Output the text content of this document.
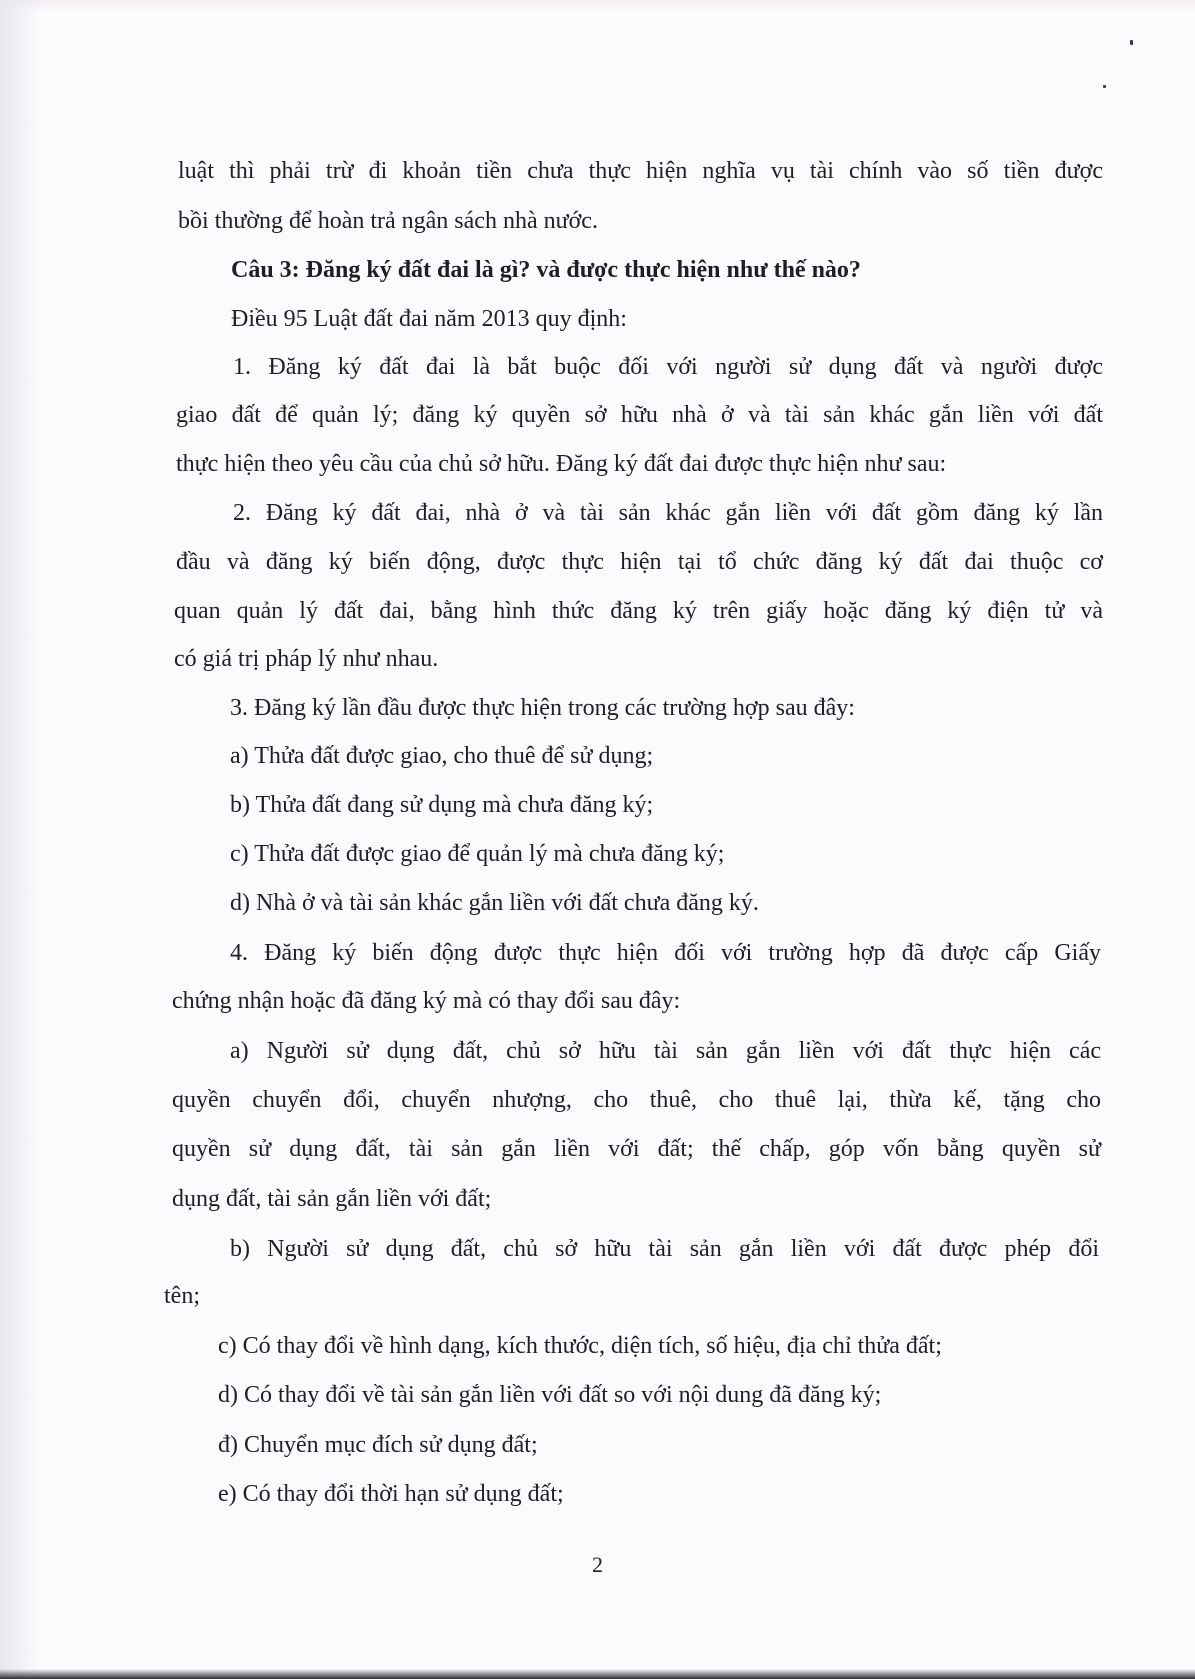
luật thì phải trừ đi khoản tiền chưa thực hiện nghĩa vụ tài chính vào số tiền được

bồi thường để hoàn trả ngân sách nhà nước.

Câu 3: Đăng ký đất đai là gì? và được thực hiện như thế nào?

Điều 95 Luật đất đai năm 2013 quy định:

1. Đăng ký đất đai là bắt buộc đối với người sử dụng đất và người được

giao đất để quản lý; đăng ký quyền sở hữu nhà ở và tài sản khác gắn liền với đất

thực hiện theo yêu cầu của chủ sở hữu. Đăng ký đất đai được thực hiện như sau:

2. Đăng ký đất đai, nhà ở và tài sản khác gắn liền với đất gồm đăng ký lần

đầu và đăng ký biến động, được thực hiện tại tổ chức đăng ký đất đai thuộc cơ

quan quản lý đất đai, bằng hình thức đăng ký trên giấy hoặc đăng ký điện tử và

có giá trị pháp lý như nhau.

3. Đăng ký lần đầu được thực hiện trong các trường hợp sau đây:

a) Thửa đất được giao, cho thuê để sử dụng;

b) Thửa đất đang sử dụng mà chưa đăng ký;

c) Thửa đất được giao để quản lý mà chưa đăng ký;

d) Nhà ở và tài sản khác gắn liền với đất chưa đăng ký.

4. Đăng ký biến động được thực hiện đối với trường hợp đã được cấp Giấy

chứng nhận hoặc đã đăng ký mà có thay đổi sau đây:

a) Người sử dụng đất, chủ sở hữu tài sản gắn liền với đất thực hiện các

quyền chuyển đổi, chuyển nhượng, cho thuê, cho thuê lại, thừa kế, tặng cho

quyền sử dụng đất, tài sản gắn liền với đất; thế chấp, góp vốn bằng quyền sử

dụng đất, tài sản gắn liền với đất;

b) Người sử dụng đất, chủ sở hữu tài sản gắn liền với đất được phép đổi

tên;

c) Có thay đổi về hình dạng, kích thước, diện tích, số hiệu, địa chỉ thửa đất;

d) Có thay đổi về tài sản gắn liền với đất so với nội dung đã đăng ký;

đ) Chuyển mục đích sử dụng đất;

e) Có thay đổi thời hạn sử dụng đất;

2
